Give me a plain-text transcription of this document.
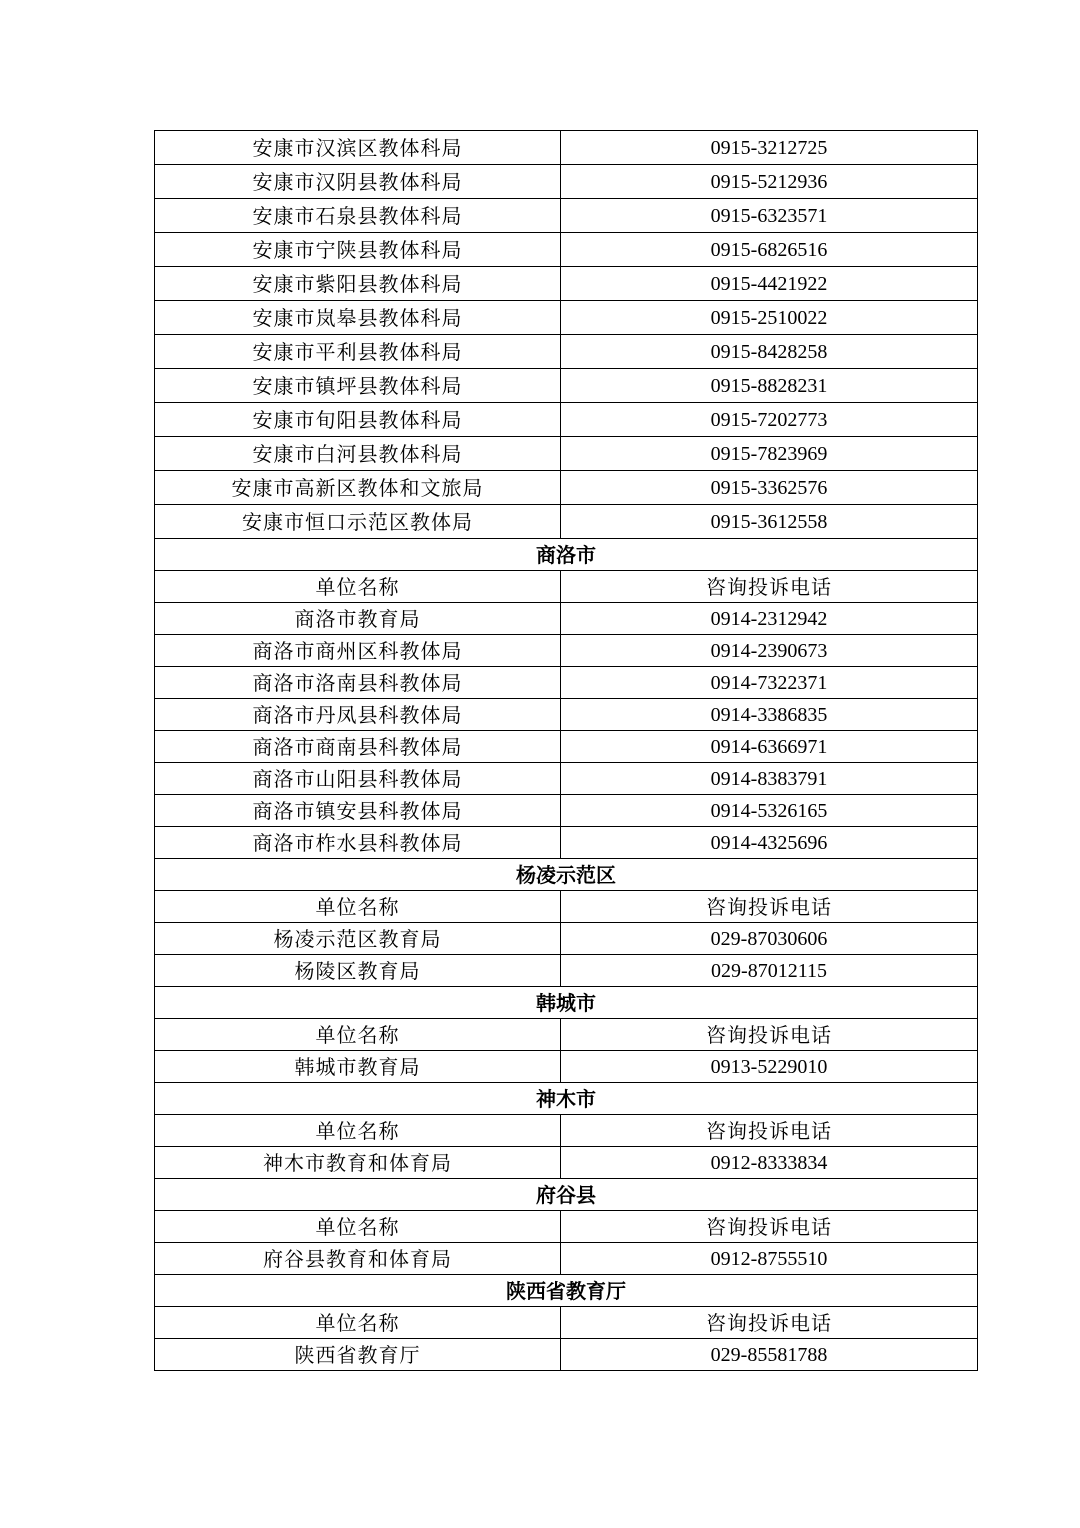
安康市汉滨区教体科局	0915-3212725
安康市汉阴县教体科局	0915-5212936
安康市石泉县教体科局	0915-6323571
安康市宁陕县教体科局	0915-6826516
安康市紫阳县教体科局	0915-4421922
安康市岚皋县教体科局	0915-2510022
安康市平利县教体科局	0915-8428258
安康市镇坪县教体科局	0915-8828231
安康市旬阳县教体科局	0915-7202773
安康市白河县教体科局	0915-7823969
安康市高新区教体和文旅局	0915-3362576
安康市恒口示范区教体局	0915-3612558
商洛市	
单位名称	咨询投诉电话
商洛市教育局	0914-2312942
商洛市商州区科教体局	0914-2390673
商洛市洛南县科教体局	0914-7322371
商洛市丹凤县科教体局	0914-3386835
商洛市商南县科教体局	0914-6366971
商洛市山阳县科教体局	0914-8383791
商洛市镇安县科教体局	0914-5326165
商洛市柞水县科教体局	0914-4325696
杨凌示范区	
单位名称	咨询投诉电话
杨凌示范区教育局	029-87030606
杨陵区教育局	029-87012115
韩城市	
单位名称	咨询投诉电话
韩城市教育局	0913-5229010
神木市	
单位名称	咨询投诉电话
神木市教育和体育局	0912-8333834
府谷县	
单位名称	咨询投诉电话
府谷县教育和体育局	0912-8755510
陕西省教育厅	
单位名称	咨询投诉电话
陕西省教育厅	029-85581788
